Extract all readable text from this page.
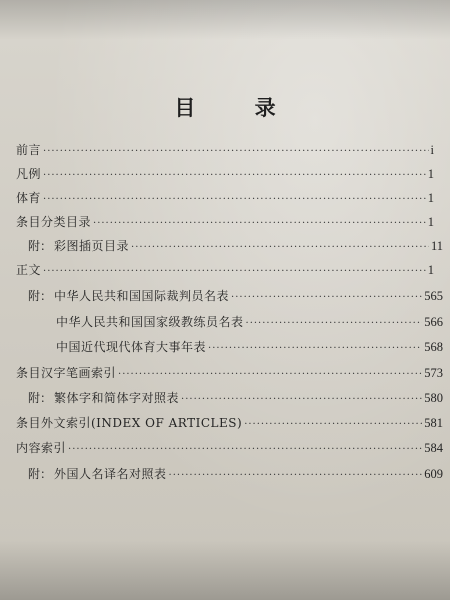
目 录
前言 ·····	i
凡例 ·····	1
体育 ·····	1
条目分类目录 ·····	1
附： 彩图插页目录 ·····	11
正文 ·····	1
附： 中华人民共和国国际裁判员名表 ·····	565
中华人民共和国国家级教练员名表 ·····	566
中国近代现代体育大事年表 ·····	568
条目汉字笔画索引 ·····	573
附： 繁体字和简体字对照表 ·····	580
条目外文索引(INDEX OF ARTICLES) ·····	581
内容索引 ·····	584
附： 外国人名译名对照表 ·····	609
